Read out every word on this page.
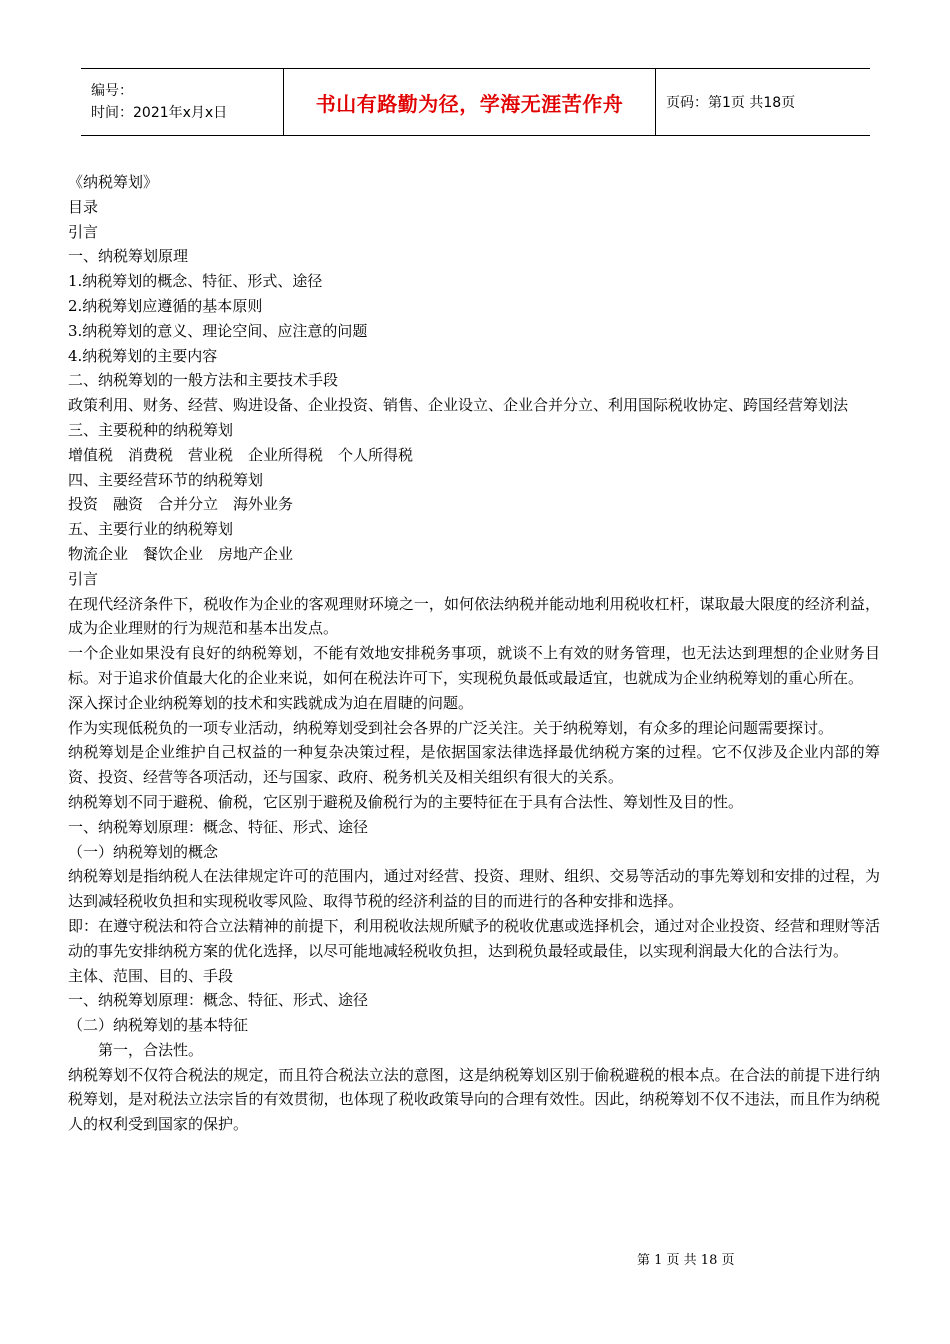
编号：
时间：2021年x月x日	书山有路勤为径，学海无涯苦作舟	页码：第1页 共18页

《纳税筹划》

目录

引言

一、纳税筹划原理

1.纳税筹划的概念、特征、形式、途径

2.纳税筹划应遵循的基本原则

3.纳税筹划的意义、理论空间、应注意的问题

4.纳税筹划的主要内容

二、纳税筹划的一般方法和主要技术手段

政策利用、财务、经营、购进设备、企业投资、销售、企业设立、企业合并分立、利用国际税收协定、跨国经营筹划法

三、主要税种的纳税筹划

增值税　消费税　营业税　企业所得税　个人所得税

四、主要经营环节的纳税筹划

投资　融资　合并分立　海外业务

五、主要行业的纳税筹划

物流企业　餐饮企业　房地产企业

引言

在现代经济条件下，税收作为企业的客观理财环境之一，如何依法纳税并能动地利用税收杠杆，谋取最大限度的经济利益，成为企业理财的行为规范和基本出发点。

一个企业如果没有良好的纳税筹划，不能有效地安排税务事项，就谈不上有效的财务管理，也无法达到理想的企业财务目标。对于追求价值最大化的企业来说，如何在税法许可下，实现税负最低或最适宜，也就成为企业纳税筹划的重心所在。

深入探讨企业纳税筹划的技术和实践就成为迫在眉睫的问题。

作为实现低税负的一项专业活动，纳税筹划受到社会各界的广泛关注。关于纳税筹划，有众多的理论问题需要探讨。

纳税筹划是企业维护自己权益的一种复杂决策过程，是依据国家法律选择最优纳税方案的过程。它不仅涉及企业内部的筹资、投资、经营等各项活动，还与国家、政府、税务机关及相关组织有很大的关系。

纳税筹划不同于避税、偷税，它区别于避税及偷税行为的主要特征在于具有合法性、筹划性及目的性。

一、纳税筹划原理：概念、特征、形式、途径

（一）纳税筹划的概念

纳税筹划是指纳税人在法律规定许可的范围内，通过对经营、投资、理财、组织、交易等活动的事先筹划和安排的过程，为达到减轻税收负担和实现税收零风险、取得节税的经济利益的目的而进行的各种安排和选择。

即：在遵守税法和符合立法精神的前提下，利用税收法规所赋予的税收优惠或选择机会，通过对企业投资、经营和理财等活动的事先安排纳税方案的优化选择，以尽可能地减轻税收负担，达到税负最轻或最佳，以实现利润最大化的合法行为。

主体、范围、目的、手段

一、纳税筹划原理：概念、特征、形式、途径

（二）纳税筹划的基本特征

第一，合法性。

纳税筹划不仅符合税法的规定，而且符合税法立法的意图，这是纳税筹划区别于偷税避税的根本点。在合法的前提下进行纳税筹划，是对税法立法宗旨的有效贯彻，也体现了税收政策导向的合理有效性。因此，纳税筹划不仅不违法，而且作为纳税人的权利受到国家的保护。

第 1 页 共 18 页
